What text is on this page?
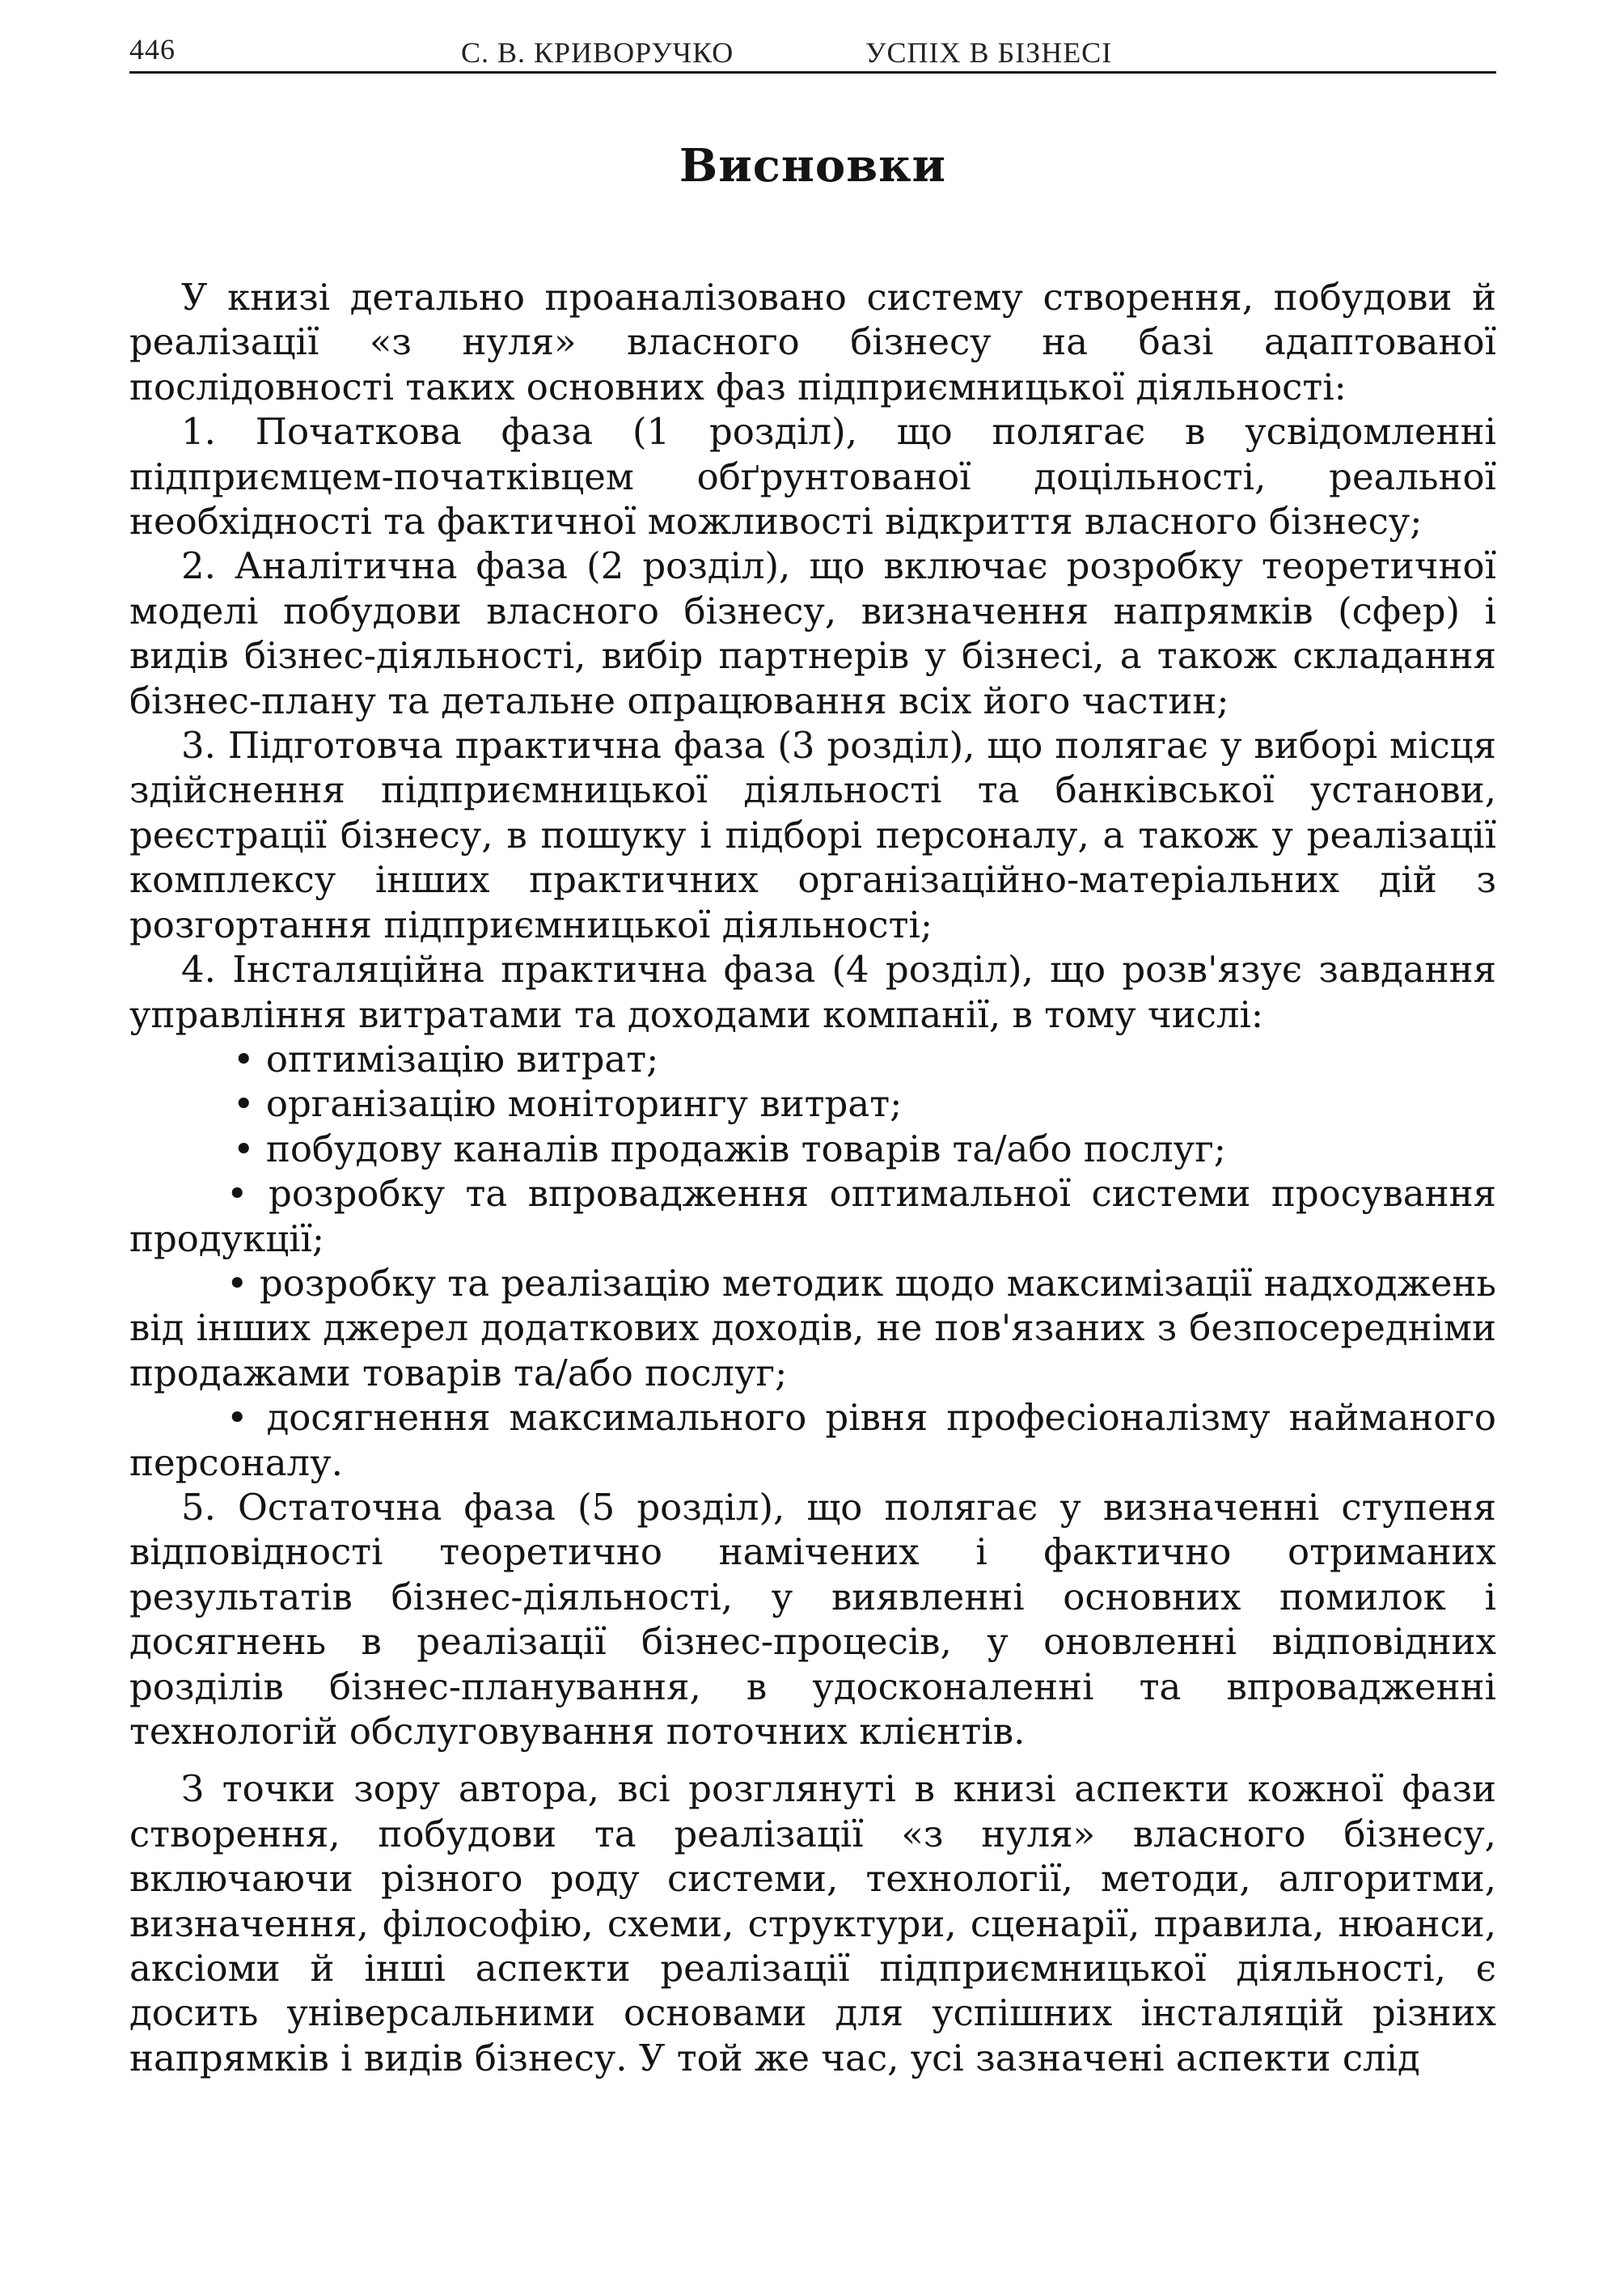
446	С. В. КРИВОРУЧКО	УСПІХ В БІЗНЕСІ
Висновки

У книзі детально проаналізовано систему створення, побудови й реалізації «з нуля» власного бізнесу на базі адаптованої послідовності таких основних фаз підприємницької діяльності:

1. Початкова фаза (1 розділ), що полягає в усвідомленні підприємцем-початківцем обґрунтованої доцільності, реальної необхідності та фактичної можливості відкриття власного бізнесу;

2. Аналітична фаза (2 розділ), що включає розробку теоретичної моделі побудови власного бізнесу, визначення напрямків (сфер) і видів бізнес-діяльності, вибір партнерів у бізнесі, а також складання бізнес-плану та детальне опрацювання всіх його частин;

3. Підготовча практична фаза (3 розділ), що полягає у виборі місця здійснення підприємницької діяльності та банківської установи, реєстрації бізнесу, в пошуку і підборі персоналу, а також у реалізації комплексу інших практичних організаційно-матеріальних дій з розгортання підприємницької діяльності;

4. Інсталяційна практична фаза (4 розділ), що розв'язує завдання управління витратами та доходами компанії, в тому числі:

• оптимізацію витрат;

• організацію моніторингу витрат;

• побудову каналів продажів товарів та/або послуг;

• розробку та впровадження оптимальної системи просування продукції;

• розробку та реалізацію методик щодо максимізації надходжень від інших джерел додаткових доходів, не пов'язаних з безпосередніми продажами товарів та/або послуг;

• досягнення максимального рівня професіоналізму найманого персоналу.

5. Остаточна фаза (5 розділ), що полягає у визначенні ступеня відповідності теоретично намічених і фактично отриманих результатів бізнес-діяльності, у виявленні основних помилок і досягнень в реалізації бізнес-процесів, у оновленні відповідних розділів бізнес-планування, в удосконаленні та впровадженні технологій обслуговування поточних клієнтів.

З точки зору автора, всі розглянуті в книзі аспекти кожної фази створення, побудови та реалізації «з нуля» власного бізнесу, включаючи різного роду системи, технології, методи, алгоритми, визначення, філософію, схеми, структури, сценарії, правила, нюанси, аксіоми й інші аспекти реалізації підприємницької діяльності, є досить універсальними основами для успішних інсталяцій різних напрямків і видів бізнесу. У той же час, усі зазначені аспекти слід
